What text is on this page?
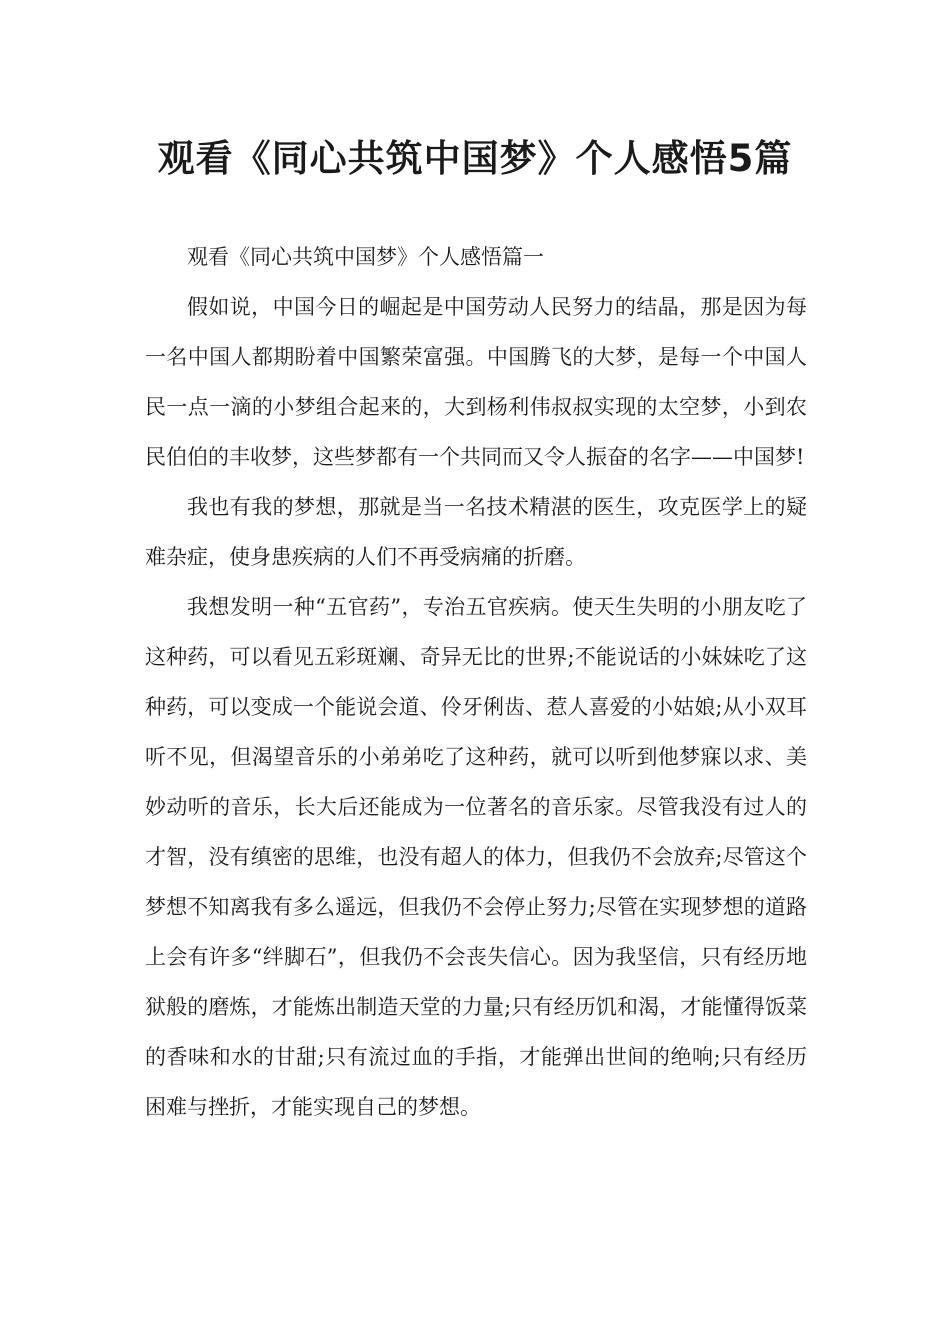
观看《同心共筑中国梦》个人感悟5篇

观看《同心共筑中国梦》个人感悟篇一

假如说，中国今日的崛起是中国劳动人民努力的结晶，那是因为每一名中国人都期盼着中国繁荣富强。中国腾飞的大梦，是每一个中国人民一点一滴的小梦组合起来的，大到杨利伟叔叔实现的太空梦，小到农民伯伯的丰收梦，这些梦都有一个共同而又令人振奋的名字——中国梦!

我也有我的梦想，那就是当一名技术精湛的医生，攻克医学上的疑难杂症，使身患疾病的人们不再受病痛的折磨。

我想发明一种“五官药”，专治五官疾病。使天生失明的小朋友吃了这种药，可以看见五彩斑斓、奇异无比的世界;不能说话的小妹妹吃了这种药，可以变成一个能说会道、伶牙俐齿、惹人喜爱的小姑娘;从小双耳听不见，但渴望音乐的小弟弟吃了这种药，就可以听到他梦寐以求、美妙动听的音乐，长大后还能成为一位著名的音乐家。尽管我没有过人的才智，没有缜密的思维，也没有超人的体力，但我仍不会放弃;尽管这个梦想不知离我有多么遥远，但我仍不会停止努力;尽管在实现梦想的道路上会有许多“绊脚石”，但我仍不会丧失信心。因为我坚信，只有经历地狱般的磨炼，才能炼出制造天堂的力量;只有经历饥和渴，才能懂得饭菜的香味和水的甘甜;只有流过血的手指，才能弹出世间的绝响;只有经历困难与挫折，才能实现自己的梦想。
